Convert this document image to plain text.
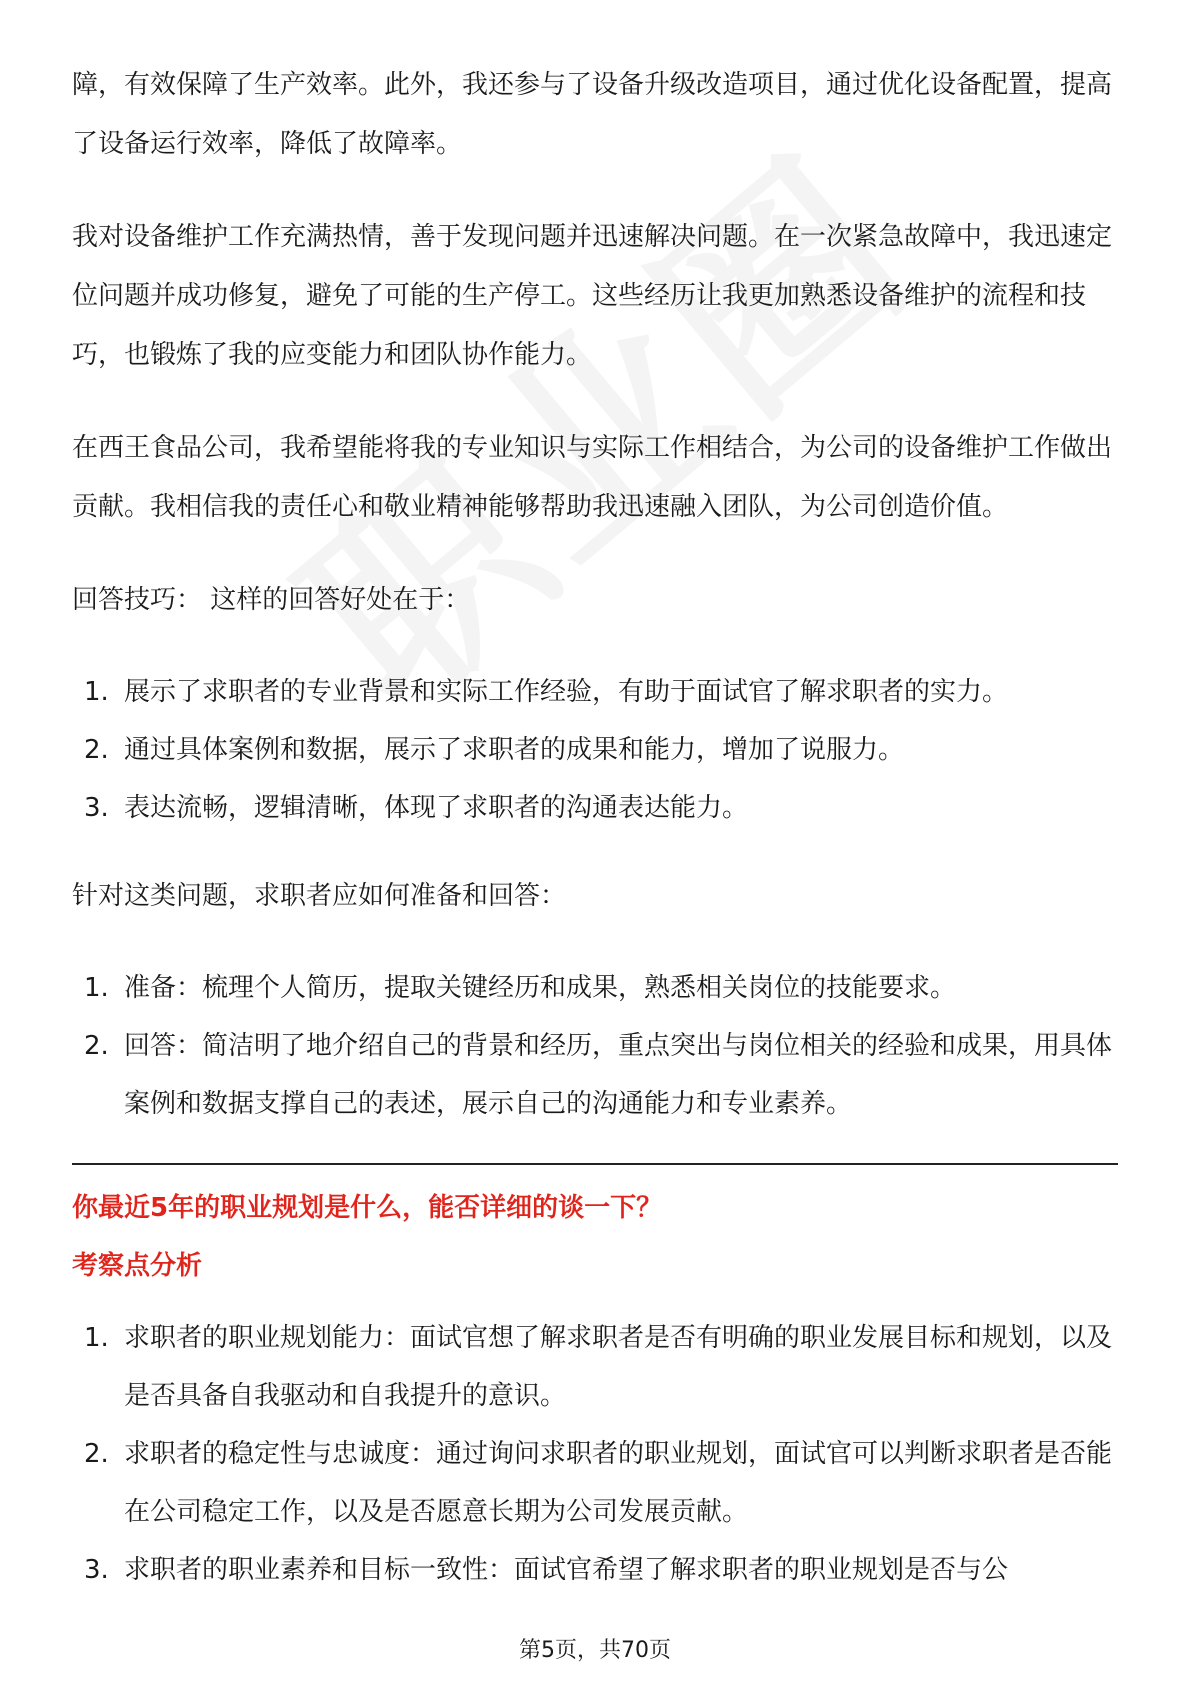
障，有效保障了生产效率。此外，我还参与了设备升级改造项目，通过优化设备配置，提高了设备运行效率，降低了故障率。

我对设备维护工作充满热情，善于发现问题并迅速解决问题。在一次紧急故障中，我迅速定位问题并成功修复，避免了可能的生产停工。这些经历让我更加熟悉设备维护的流程和技巧，也锻炼了我的应变能力和团队协作能力。

在西王食品公司，我希望能将我的专业知识与实际工作相结合，为公司的设备维护工作做出贡献。我相信我的责任心和敬业精神能够帮助我迅速融入团队，为公司创造价值。

回答技巧： 这样的回答好处在于：

1. 展示了求职者的专业背景和实际工作经验，有助于面试官了解求职者的实力。
2. 通过具体案例和数据，展示了求职者的成果和能力，增加了说服力。
3. 表达流畅，逻辑清晰，体现了求职者的沟通表达能力。

针对这类问题，求职者应如何准备和回答：

1. 准备：梳理个人简历，提取关键经历和成果，熟悉相关岗位的技能要求。
2. 回答：简洁明了地介绍自己的背景和经历，重点突出与岗位相关的经验和成果，用具体案例和数据支撑自己的表述，展示自己的沟通能力和专业素养。

你最近5年的职业规划是什么，能否详细的谈一下？

考察点分析

1. 求职者的职业规划能力：面试官想了解求职者是否有明确的职业发展目标和规划，以及是否具备自我驱动和自我提升的意识。
2. 求职者的稳定性与忠诚度：通过询问求职者的职业规划，面试官可以判断求职者是否能在公司稳定工作，以及是否愿意长期为公司发展贡献。
3. 求职者的职业素养和目标一致性：面试官希望了解求职者的职业规划是否与公
第5页，共70页
